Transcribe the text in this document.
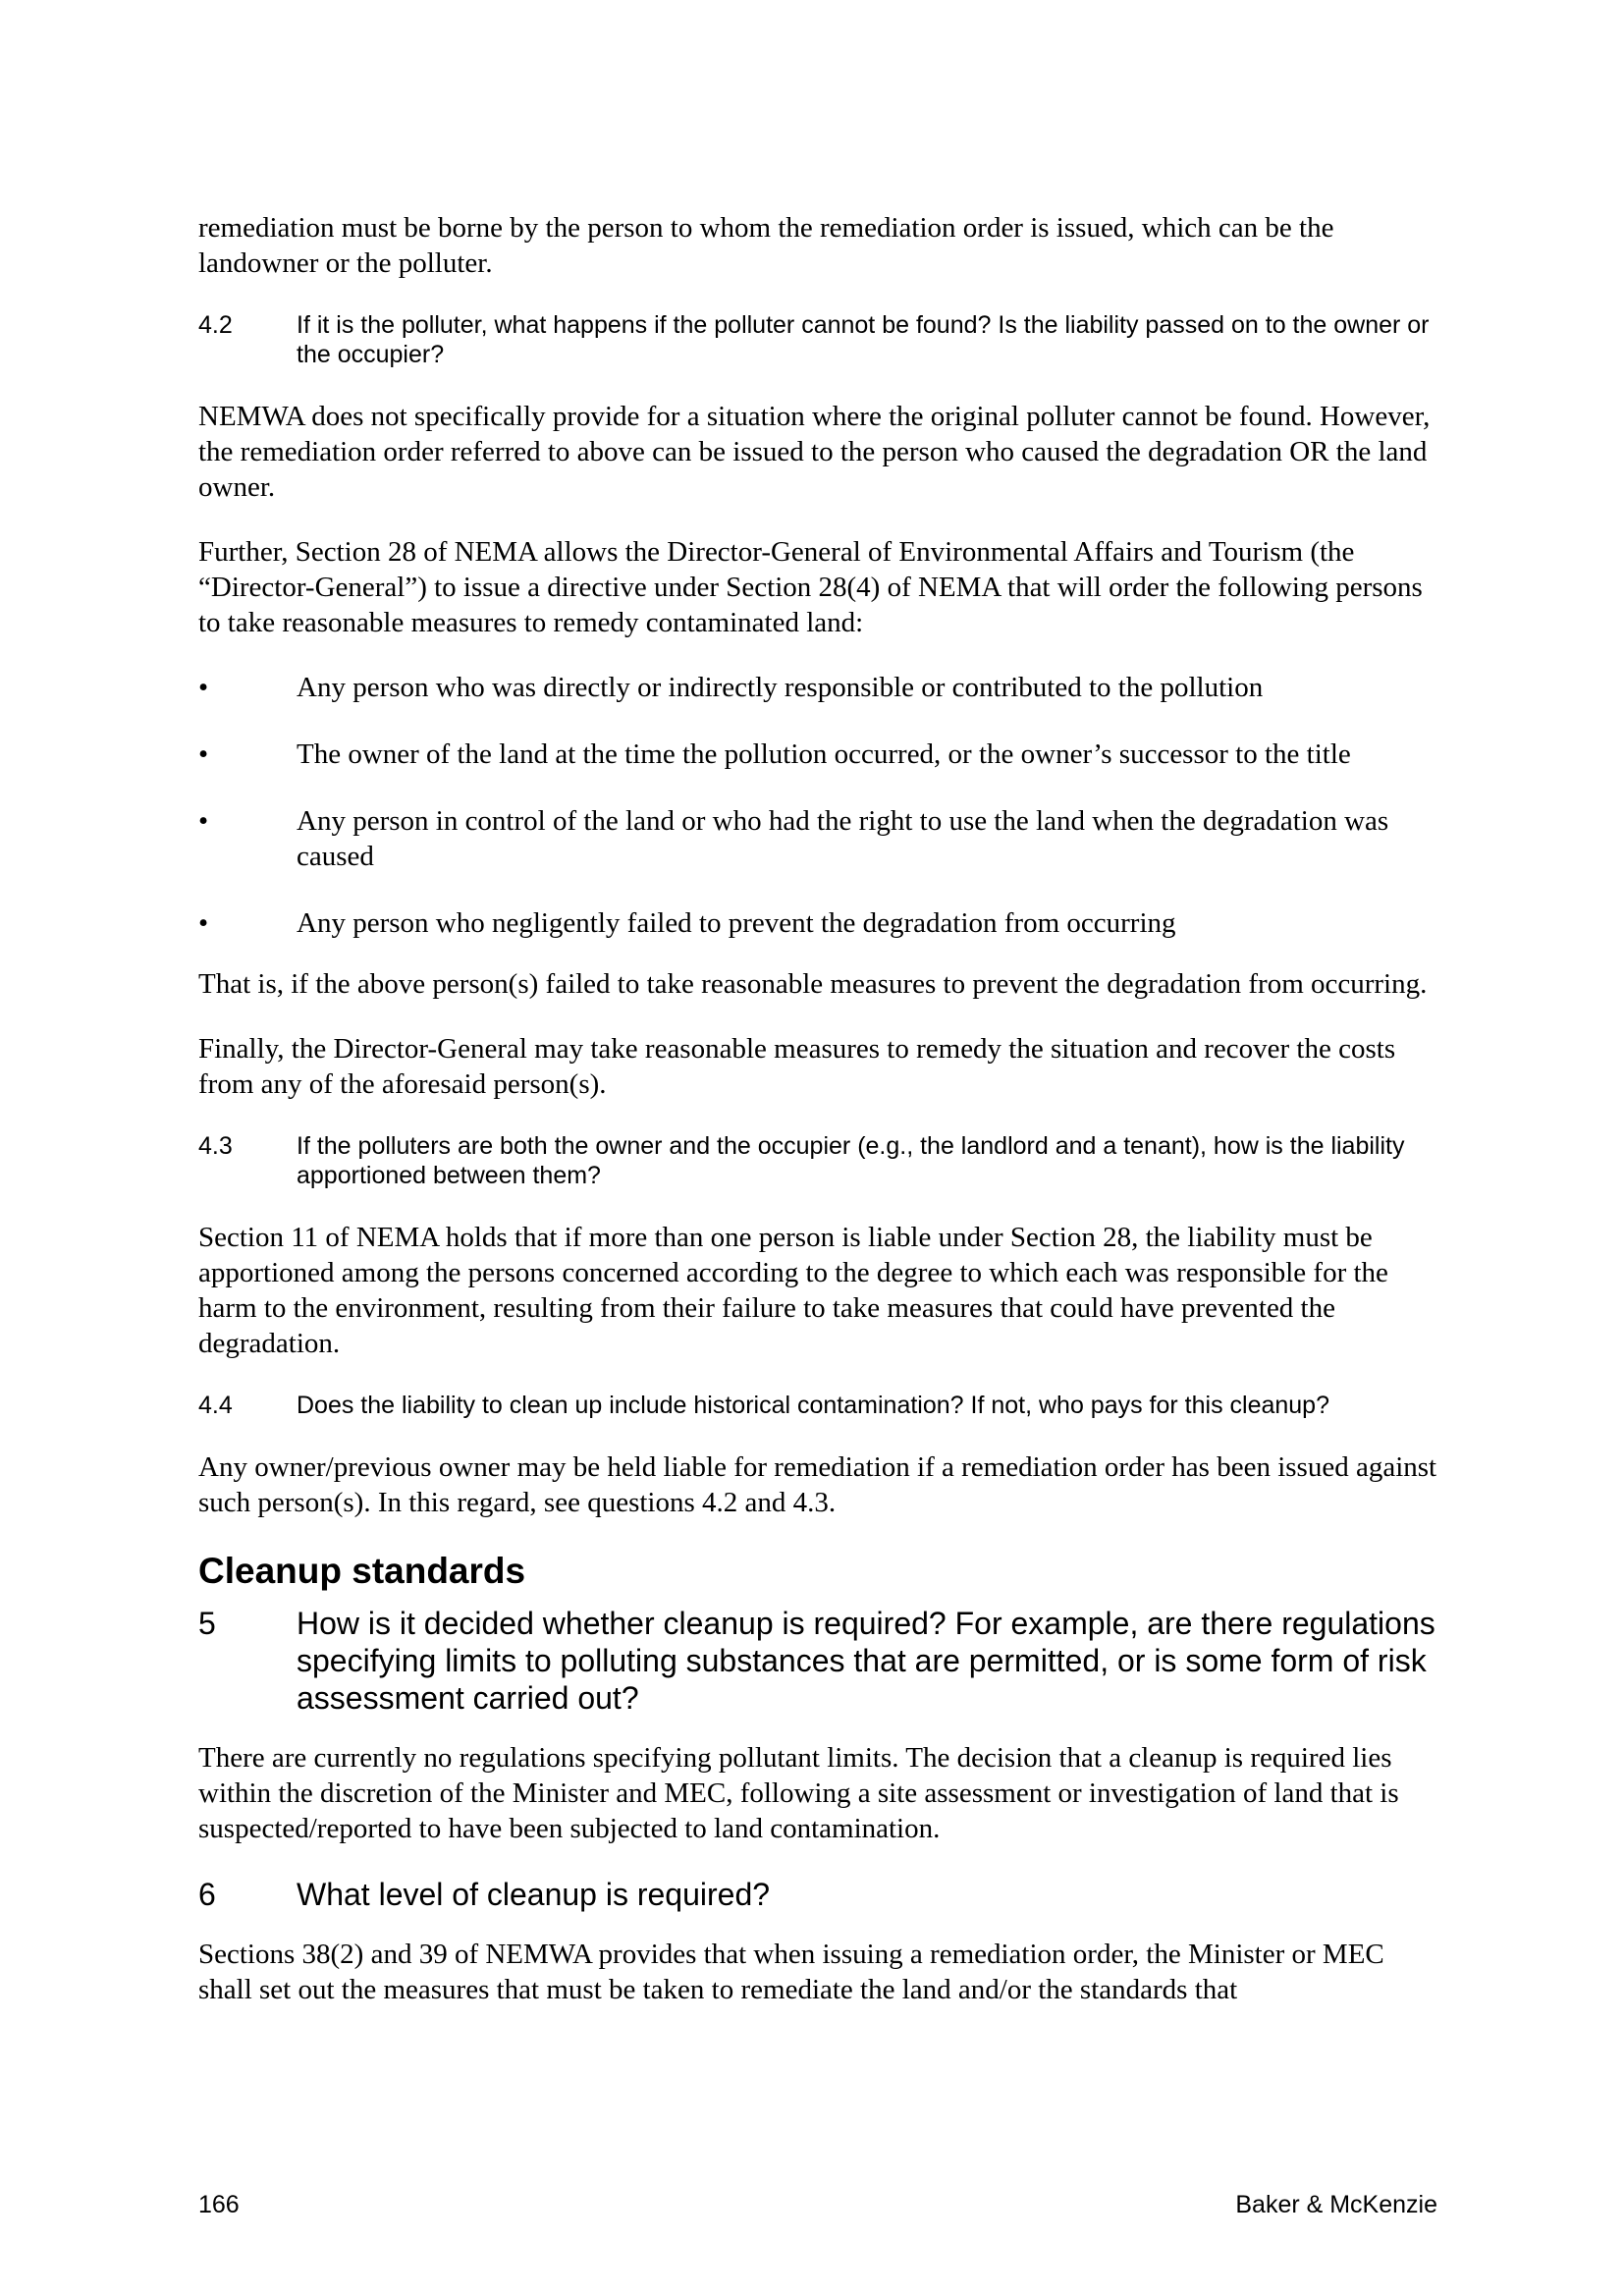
remediation must be borne by the person to whom the remediation order is issued, which can be the landowner or the polluter.

4.2	If it is the polluter, what happens if the polluter cannot be found? Is the liability passed on to the owner or the occupier?

NEMWA does not specifically provide for a situation where the original polluter cannot be found. However, the remediation order referred to above can be issued to the person who caused the degradation OR the land owner.

Further, Section 28 of NEMA allows the Director-General of Environmental Affairs and Tourism (the “Director-General”) to issue a directive under Section 28(4) of NEMA that will order the following persons to take reasonable measures to remedy contaminated land:

•	Any person who was directly or indirectly responsible or contributed to the pollution
•	The owner of the land at the time the pollution occurred, or the owner’s successor to the title
•	Any person in control of the land or who had the right to use the land when the degradation was caused
•	Any person who negligently failed to prevent the degradation from occurring

That is, if the above person(s) failed to take reasonable measures to prevent the degradation from occurring.

Finally, the Director-General may take reasonable measures to remedy the situation and recover the costs from any of the aforesaid person(s).

4.3	If the polluters are both the owner and the occupier (e.g., the landlord and a tenant), how is the liability apportioned between them?

Section 11 of NEMA holds that if more than one person is liable under Section 28, the liability must be apportioned among the persons concerned according to the degree to which each was responsible for the harm to the environment, resulting from their failure to take measures that could have prevented the degradation.

4.4	Does the liability to clean up include historical contamination? If not, who pays for this cleanup?

Any owner/previous owner may be held liable for remediation if a remediation order has been issued against such person(s). In this regard, see questions 4.2 and 4.3.

Cleanup standards
5	How is it decided whether cleanup is required? For example, are there regulations specifying limits to polluting substances that are permitted, or is some form of risk assessment carried out?

There are currently no regulations specifying pollutant limits. The decision that a cleanup is required lies within the discretion of the Minister and MEC, following a site assessment or investigation of land that is suspected/reported to have been subjected to land contamination.

6	What level of cleanup is required?

Sections 38(2) and 39 of NEMWA provides that when issuing a remediation order, the Minister or MEC shall set out the measures that must be taken to remediate the land and/or the standards that

166	Baker & McKenzie
